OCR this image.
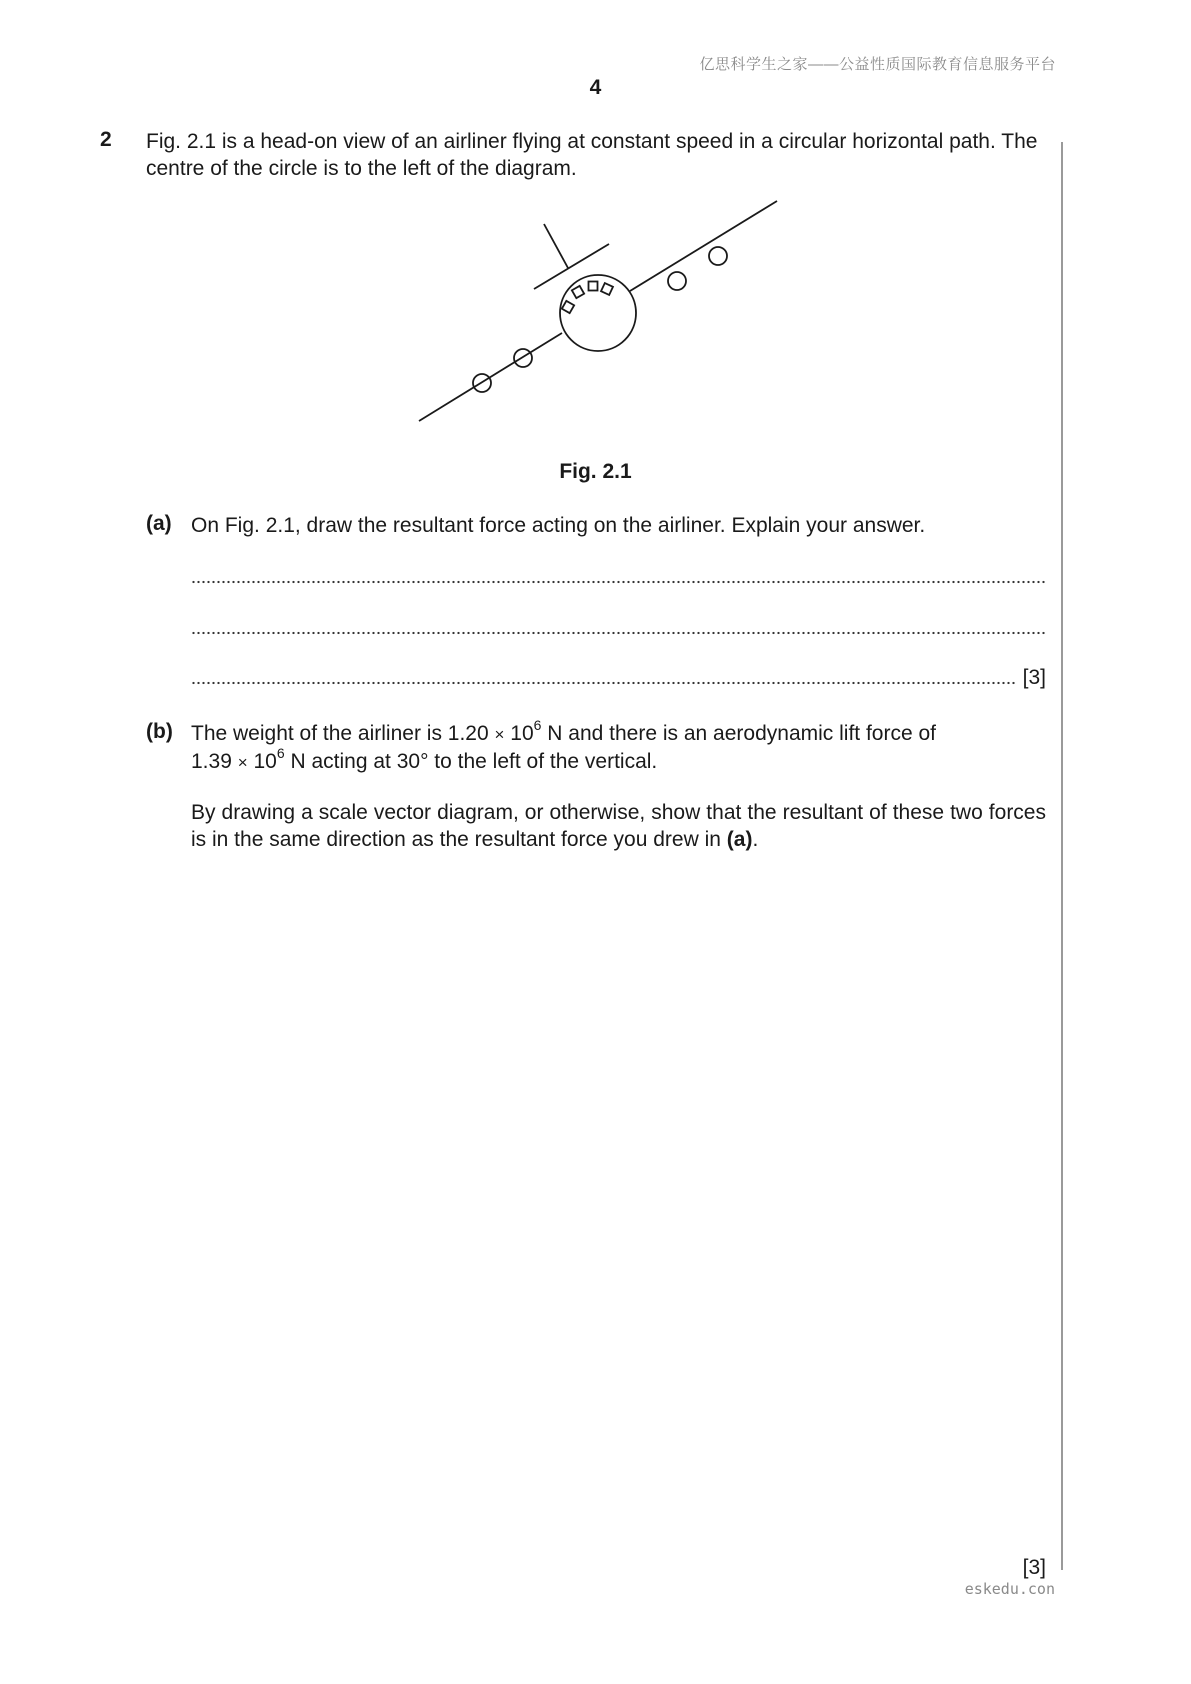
亿思科学生之家——公益性质国际教育信息服务平台
4
2 Fig. 2.1 is a head-on view of an airliner flying at constant speed in a circular horizontal path. The centre of the circle is to the left of the diagram.
Fig. 2.1
(a) On Fig. 2.1, draw the resultant force acting on the airliner. Explain your answer.
[3]
(b) The weight of the airliner is $1.20 \times 10^6$ N and there is an aerodynamic lift force of
$1.39 \times 10^6$ N acting at 30° to the left of the vertical.
By drawing a scale vector diagram, or otherwise, show that the resultant of these two forces is in the same direction as the resultant force you drew in (a).
[3]
eskedu.con
